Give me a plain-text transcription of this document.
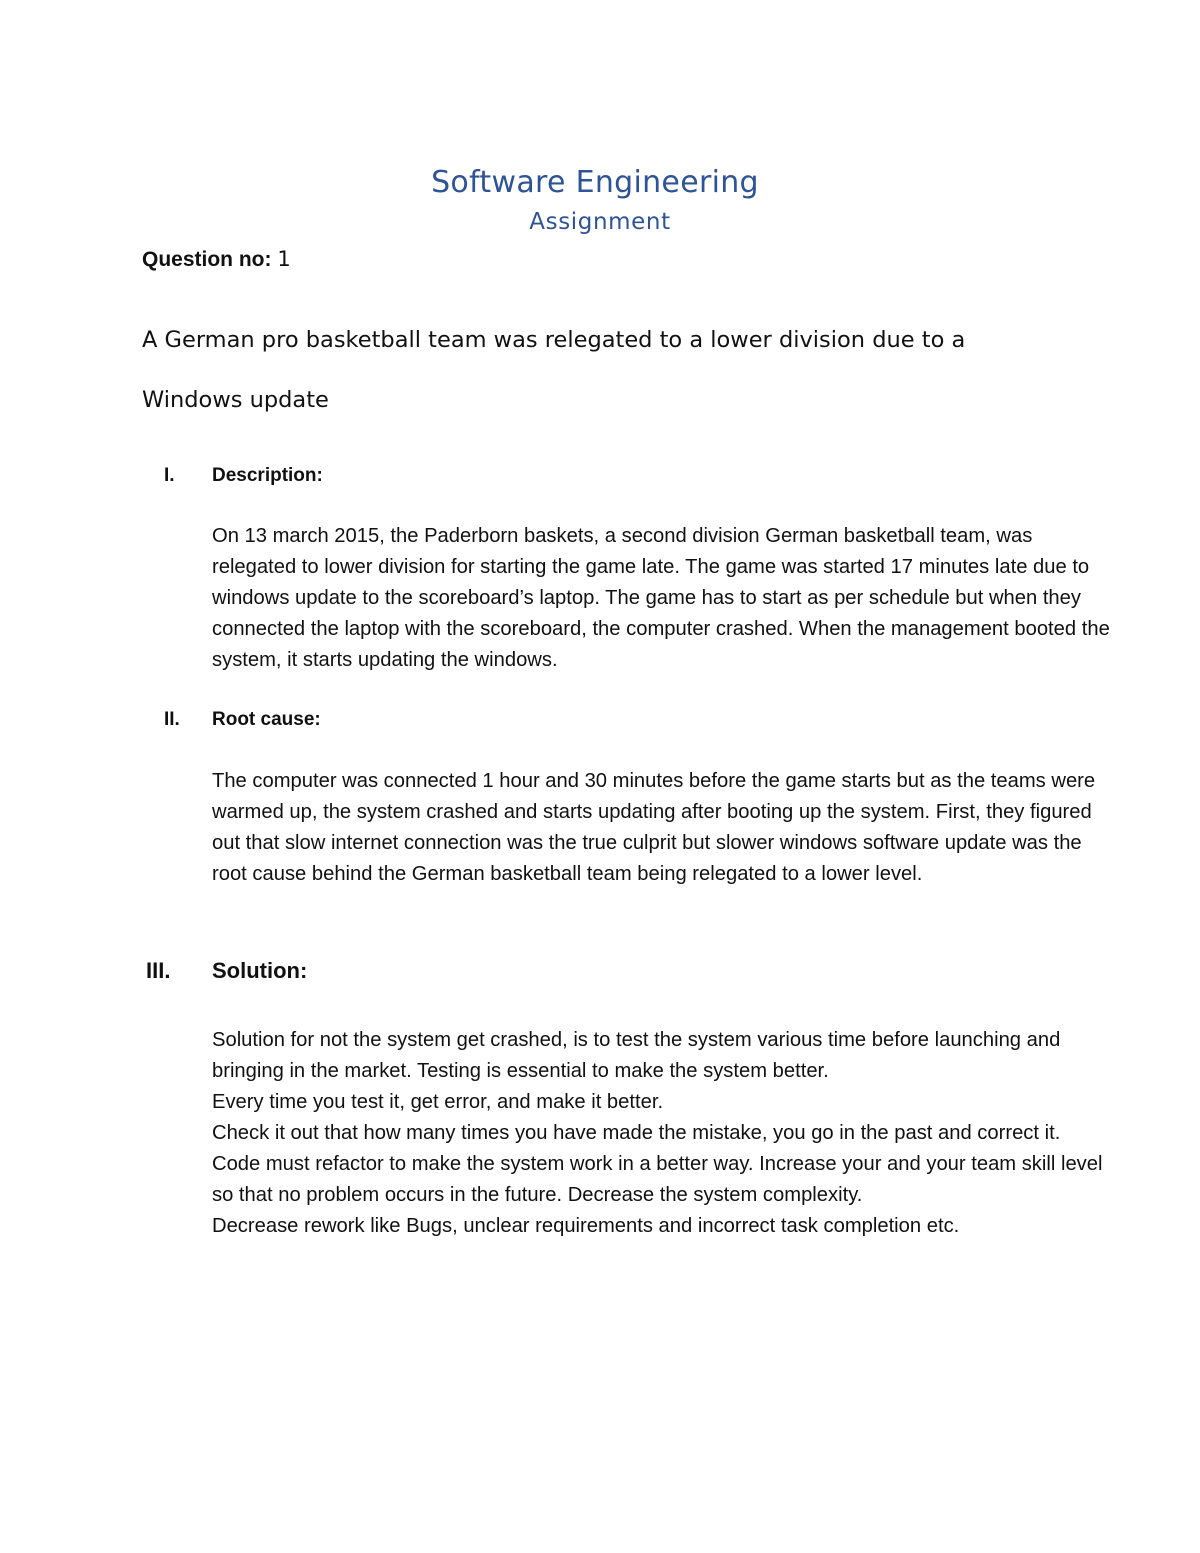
Software Engineering
Assignment
Question no: 1
A German pro basketball team was relegated to a lower division due to a
Windows update
I. Description:

On 13 march 2015, the Paderborn baskets, a second division German basketball team, was relegated to lower division for starting the game late. The game was started 17 minutes late due to windows update to the scoreboard’s laptop. The game has to start as per schedule but when they connected the laptop with the scoreboard, the computer crashed. When the management booted the system, it starts updating the windows.

II. Root cause:

The computer was connected 1 hour and 30 minutes before the game starts but as the teams were warmed up, the system crashed and starts updating after booting up the system. First, they figured out that slow internet connection was the true culprit but slower windows software update was the root cause behind the German basketball team being relegated to a lower level.

III. Solution:

Solution for not the system get crashed, is to test the system various time before launching and bringing in the market. Testing is essential to make the system better.

Every time you test it, get error, and make it better.

Check it out that how many times you have made the mistake, you go in the past and correct it.

Code must refactor to make the system work in a better way. Increase your and your team skill level so that no problem occurs in the future. Decrease the system complexity.

Decrease rework like Bugs, unclear requirements and incorrect task completion etc.
